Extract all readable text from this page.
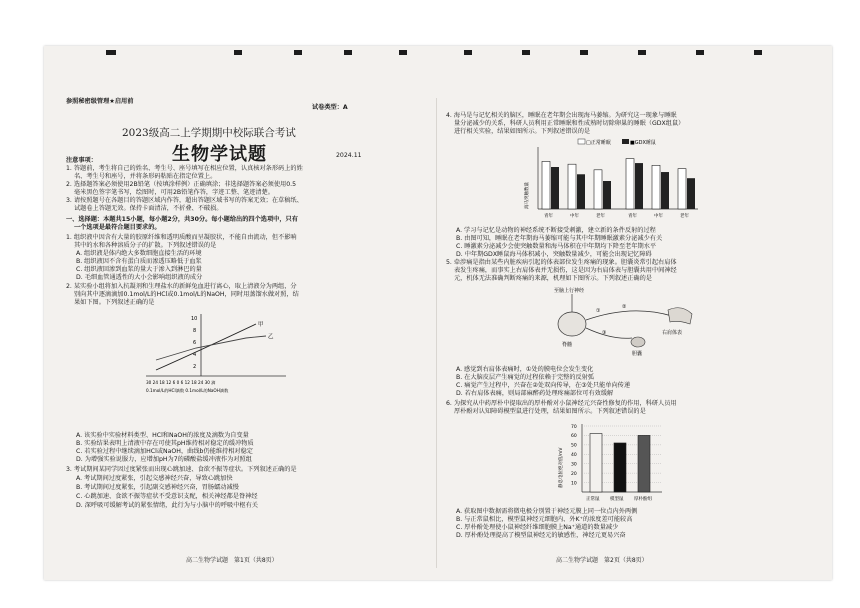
参照秘密级管理★启用前
试卷类型：A
2023级高二上学期期中校际联合考试
生物学试题	2024.11
注意事项：
1. 答题前，考生将自己的姓名、考生号、座号填写在相应位置，认真核对条形码上的姓
名、考生号和座号，并将条形码粘贴在指定位置上。
2. 选择题答案必须使用2B铅笔（按填涂样例）正确填涂；非选择题答案必须使用0.5
毫米黑色签字笔书写，绘图时，可用2B铅笔作答，字迹工整、笔迹清楚。
3. 请按照题号在各题目的答题区域内作答，超出答题区域书写的答案无效；在草稿纸、
试题卷上答题无效。保持卡面清洁，不折叠、不破损。
一、选择题：本题共15小题，每小题2分，共30分。每小题给出的四个选项中，只有
一个选项是最符合题目要求的。
1. 组织液中因含有大量的胶原纤维和透明质酸而呈凝胶状，不能自由流动，但不影响
其中的水和各种溶质分子的扩散。下列叙述错误的是
A. 组织液是体内绝大多数细胞直接生活的环境
B. 组织液因不含有蛋白质而渗透压略低于血浆
C. 组织液回渗到血浆的量大于渗入到淋巴的量
D. 毛细血管通透性的大小会影响组织液的成分
2. 某实验小组将加入抗凝剂和生理盐水的新鲜兔血进行离心，取上清液分为两组，分
别向其中逐滴滴加0.1mol/L的HCl或0.1mol/L的NaOH，同时用蒸馏水做对照，结
果如下图。下列叙述正确的是
10
8
6
4
2
甲
乙
30 24 18 12 6 0 6 12 18 24 30 滴
0.1mol/L的HCl滴数 0.1mol/L的NaOH滴数
A. 该实验中实验材料类型、HCl和NaOH的浓度及滴数为自变量
B. 实验结果表明上清液中存在可使其pH维持相对稳定的缓冲物质
C. 若实验过程中继续滴加HCl或NaOH，曲线b仍能维持相对稳定
D. 为增强实验说服力，应增加pH为7的磷酸盐缓冲液作为对照组
3. 考试期间某同学因过度紧张而出现心跳加速、食欲不振等症状。下列叙述正确的是
A. 考试期间过度紧张，引起交感神经兴奋，导致心跳加快
B. 考试期间过度紧张，引起副交感神经兴奋，胃肠蠕动减慢
C. 心跳加速、食欲不振等症状不受意识支配，相关神经都是脊神经
D. 深呼吸可缓解考试的紧张情绪，此行为与小脑中的呼吸中枢有关
高二生物学试题　第1页（共8页）
4. 海马是与记忆相关的脑区，睡眠在老年期会出现海马萎缩。为研究这一现象与睡眠
量分泌减少的关系，科研人员利用正常睡眠和性成熟时切除卵巢的睡眠（GDX组鼠）
进行相关实验，结果如图所示。下列叙述错误的是
□正常睡眠	■GDX睡鼠
海马突触数量
青年	中年	老年	青年	中年	老年
A. 学习与记忆是动物的神经系统不断接受刺激，建立新的条件反射的过程
B. 由图可知，睡眠在老年期海马萎缩可能与其中年期睡眠激素分泌减少有关
C. 睡激素分泌减少会使突触数量和海马体积在中年期均下降至老年期水平
D. 中年期GDX睡鼠海马体积减小，突触数量减少，可能会出现记忆障碍
5. 牵涉痛是指由某些内脏疾病引起的体表部位发生疼痛的现象。胆囊炎常引起右肩体
表发生疼痛，而事实上右肩体表并无损伤，这是因为右肩体表与胆囊共用中间神经
元，机体无法准确判断疼痛的来源，机理如下图所示。下列叙述正确的是
至脑上行神经
脊髓
①
②
③	右肩体表
胆囊
A. 感觉到右肩体表痛时，①处的膜电位会发生变化
B. 在大脑皮层产生痛觉的过程依赖于完整的反射弧
C. 痛觉产生过程中，兴奋在②处双向传导，在③处只能单向传递
D. 若右肩体表痛，则局部麻醉药处理疼痛部位可有效缓解
6. 为探究从中药厚朴中提取出的厚朴酚对小鼠神经元兴奋性修复的作用，科研人员用
厚朴酚对认知障碍模型鼠进行处理，结果如图所示。下列叙述错误的是
静息电位绝对值/mV
70
60
50
40
30
20
10
正常鼠 模型鼠 厚朴酚组
A. 获取图中数据需将微电极分别置于神经元膜上同一位点内外两侧
B. 与正常鼠相比，模型鼠神经元细胞内、外K⁺的浓度差可能较高
C. 厚朴酚处理使小鼠神经纤维细胞膜上Na⁺通道的数量减少
D. 厚朴酚处理提高了模型鼠神经元的敏感性，神经元更易兴奋
高二生物学试题　第2页（共8页）
